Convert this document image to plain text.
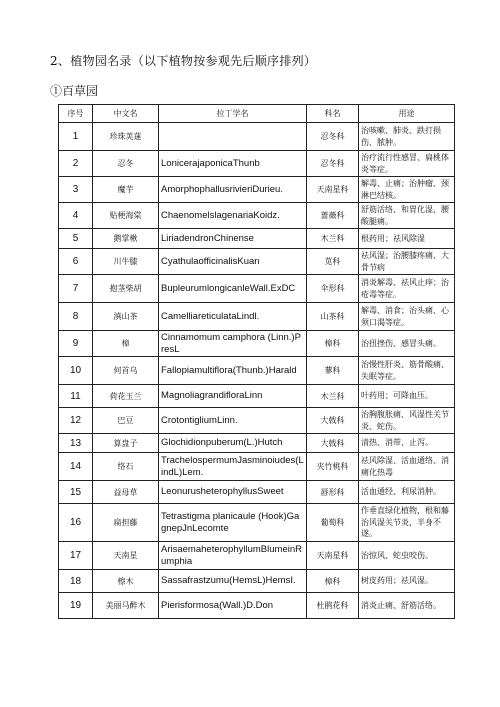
2、植物园名录（以下植物按参观先后顺序排列）
①百草园
序号	中文名	拉丁学名	科名	用途
1	珍珠荚蒾		忍冬科	治咳嗽、肺炎、跌打损伤、脓肿。
2	忍冬	LonicerajaponicaThunb	忍冬科	治疗流行性感冒、扁桃体炎等症。
3	魔芋	AmorphophallusrivieriDurieu.	天南星科	解毒、止痛；治肿瘤、颈淋巴结核。
4	贴梗海棠	ChaenomelslagenariaKoidz.	蔷薇科	舒筋活络、和胃化湿，腰酸腿痛。
5	鹅掌楸	LiriadendronChinense	木兰科	根药用；祛风除湿
6	川牛膝	CyathulaofficinalisKuan	苋科	祛风湿；治腰膝疼痛、大骨节病
7	抱茎柴胡	BupleurumlongicanleWall.ExDC	伞形科	消炎解毒、祛风止痒；治疮毒等症。
8	滇山茶	CamelliareticulataLindl.	山茶科	解毒、消食；治头痛、心须口渴等症。
9	樟	Cinnamomum camphora (Linn.)PresL	樟科	治扭挫伤、感冒头痛。
10	何首乌	Fallopiamultiflora(Thunb.)Harald	蓼科	治慢性肝炎、筋骨酸痛、失眠等症。
11	荷花玉兰	MagnoliagrandifloraLinn	木兰科	叶药用；可降血压。
12	巴豆	CrotontigliumLinn.	大戟科	治胸腹胀痛、风湿性关节炎、蛇伤。
13	算盘子	Glochidionpuberum(L.)Hutch	大戟科	清热、消带、止泻。
14	络石	TrachelospermumJasminoiudes(LindL)Lem.	夹竹桃科	祛风除湿、活血通络、消痛化热毒
15	益母草	LeonurusheterophyllusSweet	唇形科	活血通经、利尿消肿。
16	扁担藤	Tetrastigma planicaule (Hook)GagnepJnLecomte	葡萄科	作垂直绿化植物，根和藤治风湿关节炎，半身不遂。
17	天南星	ArisaemaheterophyllumBlumeinRumphia	天南星科	治惊风、蛇虫咬伤。
18	檫木	Sassafrastzumu(HemsL)HemsI.	樟科	树皮药用；祛风湿。
19	美丽马醉木	Pierisformosa(Wall.)D.Don	杜鹃花科	消炎止痛、舒筋活络。
